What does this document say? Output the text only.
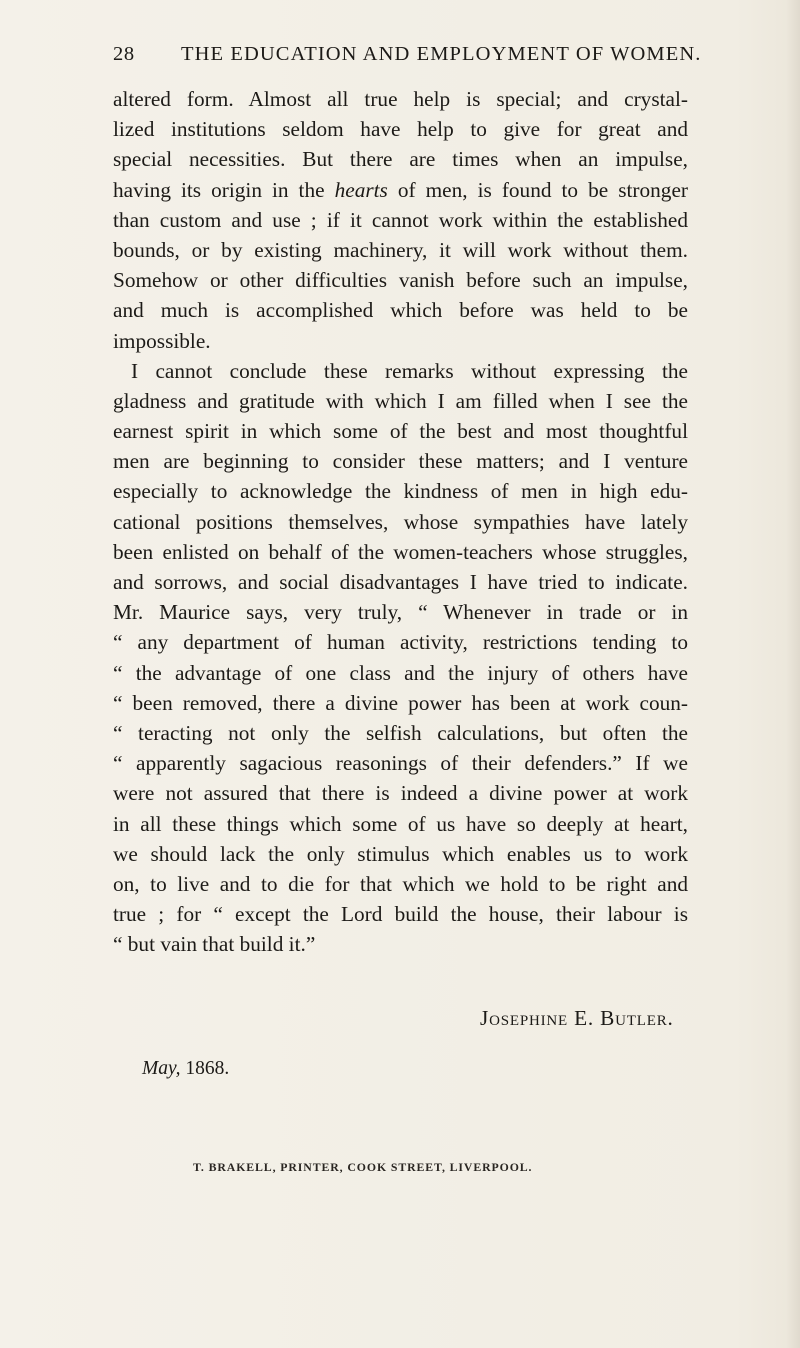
28 THE EDUCATION AND EMPLOYMENT OF WOMEN.
altered form. Almost all true help is special; and crystal-
lized institutions seldom have help to give for great and
special necessities. But there are times when an impulse,
having its origin in the hearts of men, is found to be stronger
than custom and use ; if it cannot work within the established
bounds, or by existing machinery, it will work without them.
Somehow or other difficulties vanish before such an impulse,
and much is accomplished which before was held to be
impossible.
I cannot conclude these remarks without expressing the
gladness and gratitude with which I am filled when I see the
earnest spirit in which some of the best and most thoughtful
men are beginning to consider these matters; and I venture
especially to acknowledge the kindness of men in high edu-
cational positions themselves, whose sympathies have lately
been enlisted on behalf of the women-teachers whose struggles,
and sorrows, and social disadvantages I have tried to indicate.
Mr. Maurice says, very truly, “ Whenever in trade or in
“ any department of human activity, restrictions tending to
“ the advantage of one class and the injury of others have
“ been removed, there a divine power has been at work coun-
“ teracting not only the selfish calculations, but often the
“ apparently sagacious reasonings of their defenders.” If we
were not assured that there is indeed a divine power at work
in all these things which some of us have so deeply at heart,
we should lack the only stimulus which enables us to work
on, to live and to die for that which we hold to be right and
true ; for “ except the Lord build the house, their labour is
“ but vain that build it.”
Josephine E. Butler.
May, 1868.
T. BRAKELL, PRINTER, COOK STREET, LIVERPOOL.
